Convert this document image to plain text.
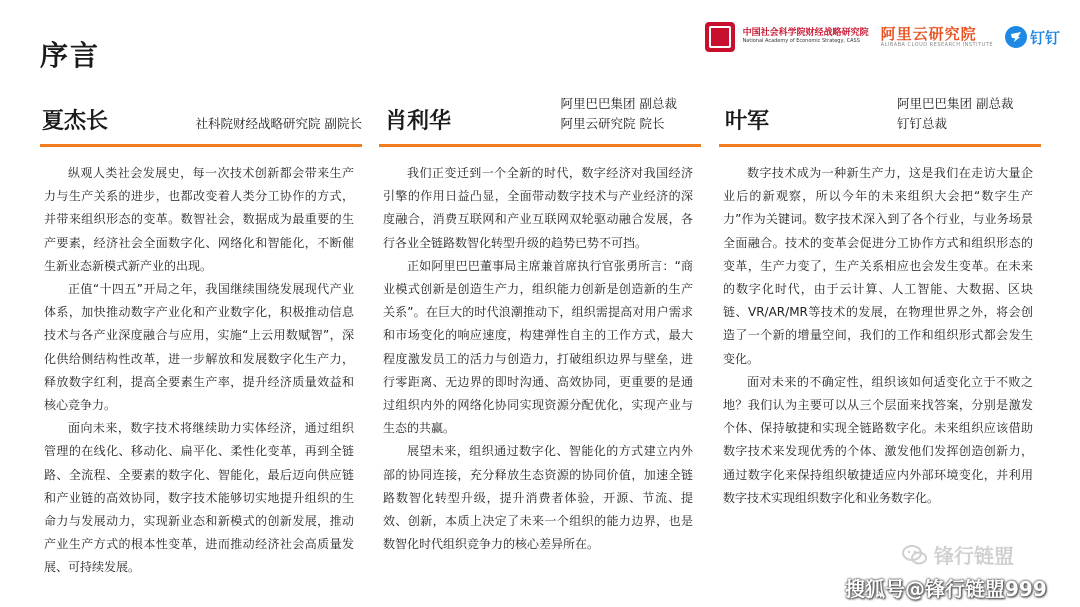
序言
中国社会科学院财经战略研究院
National Academy of Economic Strategy, CASS	阿里云研究院
ALIBABA CLOUD RESEARCH INSTITUTE 钉钉
夏杰长	社科院财经战略研究院 副院长

纵观人类社会发展史，每一次技术创新都会带来生产力与生产关系的进步，也都改变着人类分工协作的方式，并带来组织形态的变革。数智社会，数据成为最重要的生产要素，经济社会全面数字化、网络化和智能化，不断催生新业态新模式新产业的出现。

正值“十四五”开局之年，我国继续围绕发展现代产业体系，加快推动数字产业化和产业数字化，积极推动信息技术与各产业深度融合与应用，实施“上云用数赋智”，深化供给侧结构性改革，进一步解放和发展数字化生产力，释放数字红利，提高全要素生产率，提升经济质量效益和核心竞争力。

面向未来，数字技术将继续助力实体经济，通过组织管理的在线化、移动化、扁平化、柔性化变革，再到全链路、全流程、全要素的数字化、智能化，最后迈向供应链和产业链的高效协同，数字技术能够切实地提升组织的生命力与发展动力，实现新业态和新模式的创新发展，推动产业生产方式的根本性变革，进而推动经济社会高质量发展、可持续发展。

肖利华
阿里巴巴集团 副总裁
阿里云研究院 院长

我们正变迁到一个全新的时代，数字经济对我国经济引擎的作用日益凸显，全面带动数字技术与产业经济的深度融合，消费互联网和产业互联网双轮驱动融合发展，各行各业全链路数智化转型升级的趋势已势不可挡。

正如阿里巴巴董事局主席兼首席执行官张勇所言：“商业模式创新是创造生产力，组织能力创新是创造新的生产关系”。在巨大的时代浪潮推动下，组织需提高对用户需求和市场变化的响应速度，构建弹性自主的工作方式，最大程度激发员工的活力与创造力，打破组织边界与壁垒，进行零距离、无边界的即时沟通、高效协同，更重要的是通过组织内外的网络化协同实现资源分配优化，实现产业与生态的共赢。

展望未来，组织通过数字化、智能化的方式建立内外部的协同连接，充分释放生态资源的协同价值，加速全链路数智化转型升级，提升消费者体验，开源、节流、提效、创新，本质上决定了未来一个组织的能力边界，也是数智化时代组织竞争力的核心差异所在。

叶军
阿里巴巴集团 副总裁
钉钉总裁

数字技术成为一种新生产力，这是我们在走访大量企业后的新观察，所以今年的未来组织大会把“数字生产力”作为关键词。数字技术深入到了各个行业，与业务场景全面融合。技术的变革会促进分工协作方式和组织形态的变革，生产力变了，生产关系相应也会发生变革。在未来的数字化时代，由于云计算、人工智能、大数据、区块链、VR/AR/MR等技术的发展，在物理世界之外，将会创造了一个新的增量空间，我们的工作和组织形式都会发生变化。

面对未来的不确定性，组织该如何适变化立于不败之地？我们认为主要可以从三个层面来找答案，分别是激发个体、保持敏捷和实现全链路数字化。未来组织应该借助数字技术来发现优秀的个体、激发他们发挥创造创新力，通过数字化来保持组织敏捷适应内外部环境变化，并利用数字技术实现组织数字化和业务数字化。

锋行链盟
搜狐号@锋行链盟999
